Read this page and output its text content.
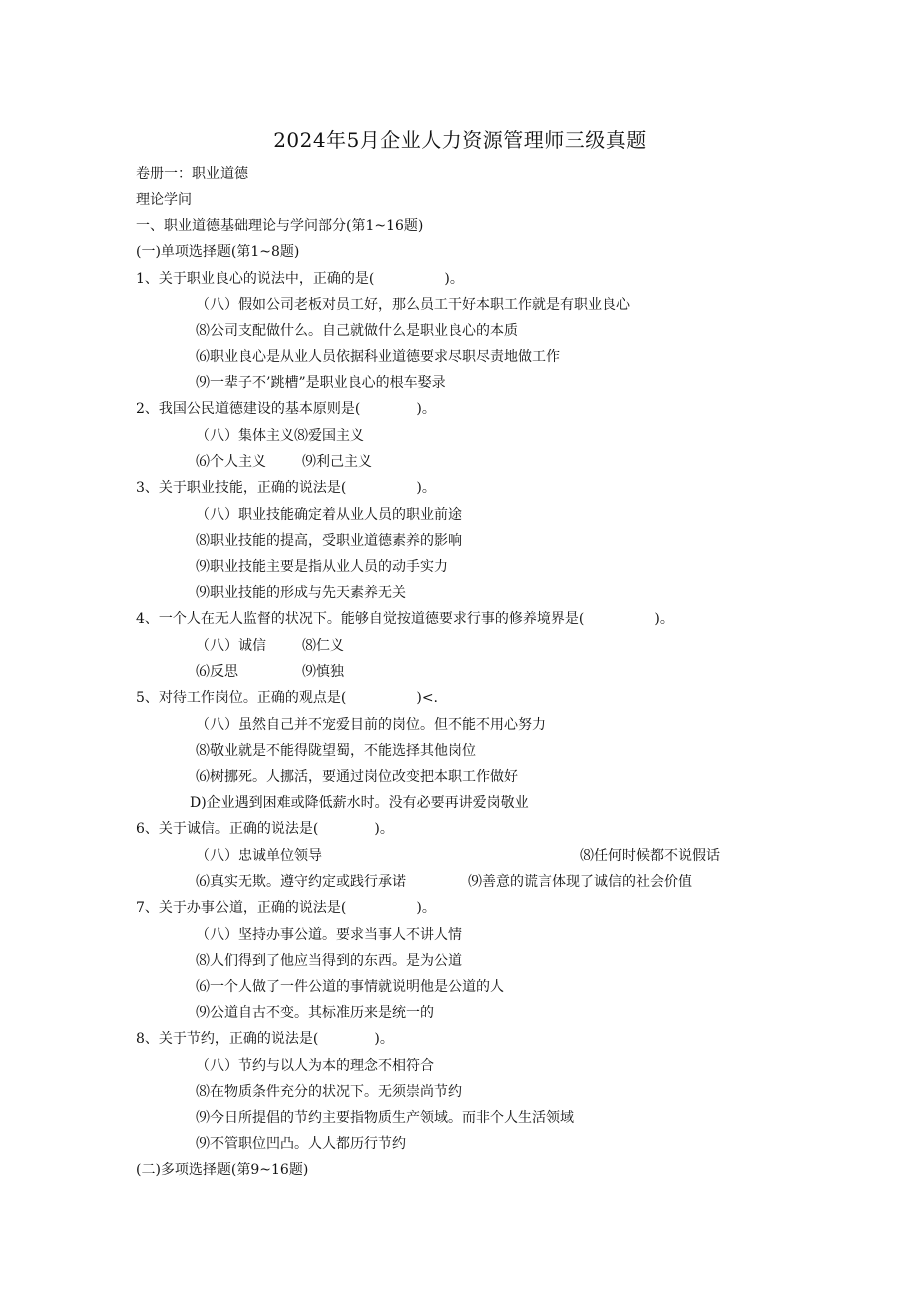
2024年5月企业人力资源管理师三级真题
卷册一：职业道德
理论学问
一、职业道德基础理论与学问部分(第1~16题)
(一)单项选择题(第1~8题)
1、关于职业良心的说法中，正确的是(　　　　　)。
（八）假如公司老板对员工好，那么员工干好本职工作就是有职业良心
⑻公司支配做什么。自己就做什么是职业良心的本质
⑹职业良心是从业人员依据科业道德要求尽职尽责地做工作
⑼一辈子不’跳槽”是职业良心的根车娶录
2、我国公民道德建设的基本原则是(　　　　)。
（八）集体主义⑻爱国主义
⑹个人主义	⑼利己主义
3、关于职业技能，正确的说法是(　　　　　)。
（八）职业技能确定着从业人员的职业前途
⑻职业技能的提高，受职业道德素养的影响
⑼职业技能主要是指从业人员的动手实力
⑼职业技能的形成与先天素养无关
4、一个人在无人监督的状况下。能够自觉按道德要求行事的修养境界是(　　　　　)。
（八）诚信	⑻仁义
⑹反思	⑼慎独
5、对待工作岗位。正确的观点是(　　　　　)<.
（八）虽然自己并不宠爱目前的岗位。但不能不用心努力
⑻敬业就是不能得陇望蜀，不能选择其他岗位
⑹树挪死。人挪活，要通过岗位改变把本职工作做好
D)企业遇到困难或降低薪水时。没有必要再讲爱岗敬业
6、关于诚信。正确的说法是(　　　　)。
（八）忠诚单位领导	⑻任何时候都不说假话
⑹真实无欺。遵守约定或践行承诺	⑼善意的谎言体现了诚信的社会价值
7、关于办事公道，正确的说法是(　　　　　)。
（八）坚持办事公道。要求当事人不讲人情
⑻人们得到了他应当得到的东西。是为公道
⑹一个人做了一件公道的事情就说明他是公道的人
⑼公道自古不变。其标准历来是统一的
8、关于节约，正确的说法是(　　　　)。
（八）节约与以人为本的理念不相符合
⑻在物质条件充分的状况下。无须崇尚节约
⑼今日所提倡的节约主要指物质生产领域。而非个人生活领域
⑼不管职位凹凸。人人都历行节约
(二)多项选择题(第9~16题)
